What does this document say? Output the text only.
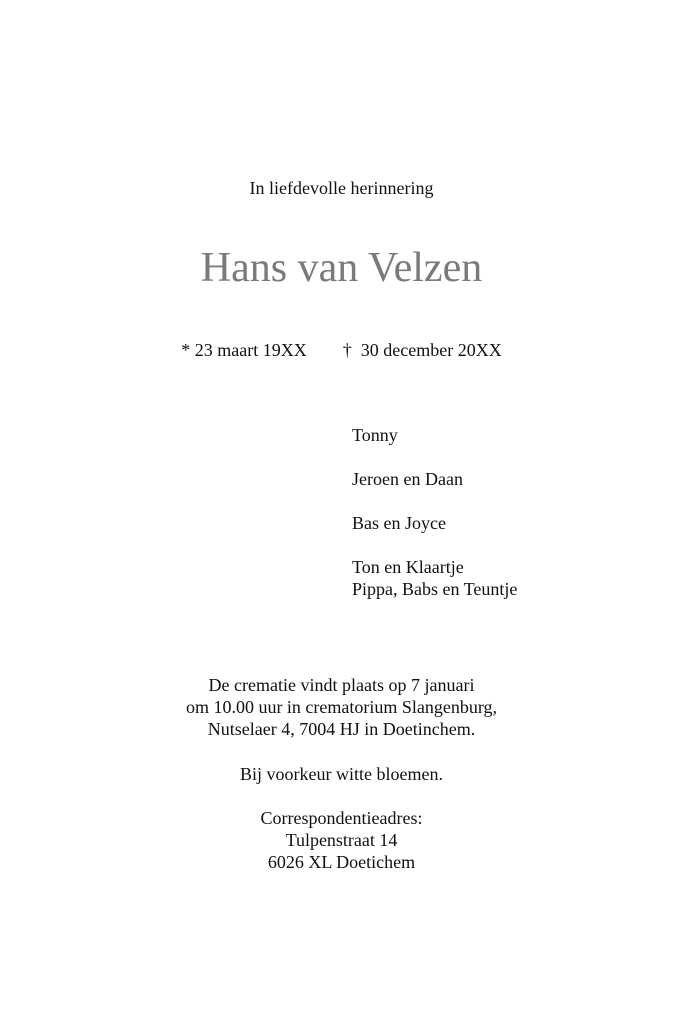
In liefdevolle herinnering
Hans van Velzen
* 23 maart 19XX †  30 december 20XX
Tonny
Jeroen en Daan
Bas en Joyce
Ton en Klaartje
Pippa, Babs en Teuntje
De crematie vindt plaats op 7 januari
om 10.00 uur in crematorium Slangenburg,
Nutselaer 4, 7004 HJ in Doetinchem.
Bij voorkeur witte bloemen.
Correspondentieadres:
Tulpenstraat 14
6026 XL Doetichem
